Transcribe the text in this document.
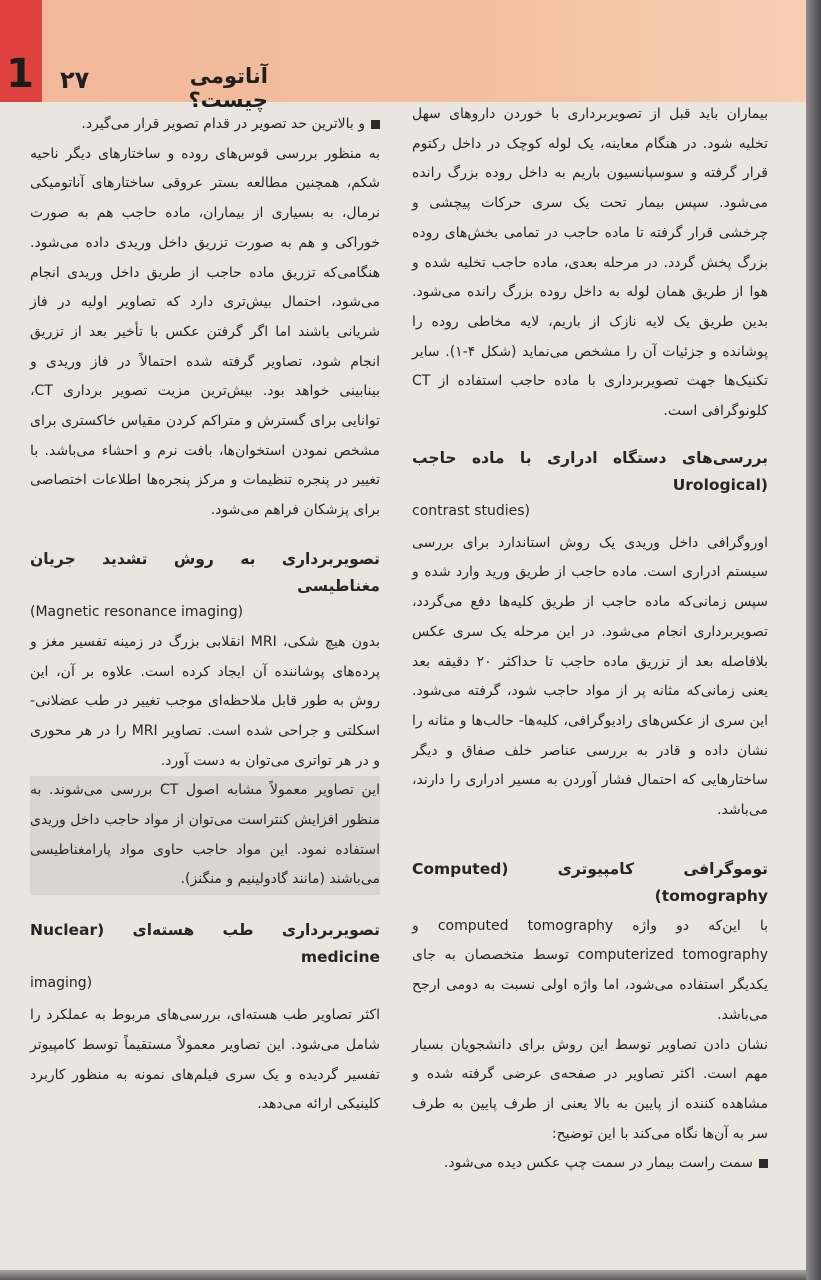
1 ۲۷	آناتومی چیست؟

بیماران باید قبل از تصویربرداری با خوردن داروهای سهل تخلیه شود. در هنگام معاینه، یک لوله کوچک در داخل رکتوم قرار گرفته و سوسپانسیون باریم به داخل روده بزرگ رانده می‌شود. سپس بیمار تحت یک سری حرکات پیچشی و چرخشی قرار گرفته تا ماده حاجب در تمامی بخش‌های روده بزرگ پخش گردد. در مرحله بعدی، ماده حاجب تخلیه شده و هوا از طریق همان لوله به داخل روده بزرگ رانده می‌شود. بدین طریق یک لایه نازک از باریم، لایه مخاطی روده را پوشانده و جزئیات آن را مشخص می‌نماید (شکل ۴-۱). سایر تکنیک‌ها جهت تصویربرداری با ماده حاجب استفاده از CT کلونوگرافی است.

بررسی‌های دستگاه ادراری با ماده حاجب (Urological

contrast studies)

اوروگرافی داخل وریدی یک روش استاندارد برای بررسی سیستم ادراری است. ماده حاجب از طریق ورید وارد شده و سپس زمانی‌که ماده حاجب از طریق کلیه‌ها دفع می‌گردد، تصویربرداری انجام می‌شود. در این مرحله یک سری عکس بلافاصله بعد از تزریق ماده حاجب تا حداکثر ۲۰ دقیقه بعد یعنی زمانی‌که مثانه پر از مواد حاجب شود، گرفته می‌شود. این سری از عکس‌های رادیوگرافی، کلیه‌ها- حالب‌ها و مثانه را نشان داده و قادر به بررسی عناصر خلف صفاق و دیگر ساختارهایی که احتمال فشار آوردن به مسیر ادراری را دارند، می‌باشد.

توموگرافی کامپیوتری (Computed tomography)

با این‌که دو واژه computed tomography و computerized tomography توسط متخصصان به جای یکدیگر استفاده می‌شود، اما واژه اولی نسبت به دومی ارجح می‌باشد.

نشان دادن تصاویر توسط این روش برای دانشجویان بسیار مهم است. اکثر تصاویر در صفحه‌ی عرضی گرفته شده و مشاهده کننده از پایین به بالا یعنی از طرف پایین به طرف سر به آن‌ها نگاه می‌کند با این توضیح:

سمت راست بیمار در سمت چپ عکس دیده می‌شود.

و بالاترین حد تصویر در قدام تصویر قرار می‌گیرد.

به منظور بررسی قوس‌های روده و ساختارهای دیگر ناحیه شکم، همچنین مطالعه بستر عروقی ساختارهای آناتومیکی نرمال، به بسیاری از بیماران، ماده حاجب هم به صورت خوراکی و هم به صورت تزریق داخل وریدی داده می‌شود. هنگامی‌که تزریق ماده حاجب از طریق داخل وریدی انجام می‌شود، احتمال بیش‌تری دارد که تصاویر اولیه در فاز شریانی باشند اما اگر گرفتن عکس با تأخیر بعد از تزریق انجام شود، تصاویر گرفته شده احتمالاً در فاز وریدی و بینابینی خواهد بود. بیش‌ترین مزیت تصویر برداری CT، توانایی برای گسترش و متراکم کردن مقیاس خاکستری برای مشخص نمودن استخوان‌ها، بافت نرم و احشاء می‌باشد. با تغییر در پنجره تنظیمات و مرکز پنجره‌ها اطلاعات اختصاصی برای پزشکان فراهم می‌شود.

تصویربرداری به روش تشدید جریان مغناطیسی

(Magnetic resonance imaging)

بدون هیچ شکی، MRI انقلابی بزرگ در زمینه تفسیر مغز و پرده‌های پوشاننده آن ایجاد کرده است. علاوه بر آن، این روش به طور قابل ملاحظه‌ای موجب تغییر در طب عضلانی- اسکلتی و جراحی شده است. تصاویر MRI را در هر محوری و در هر تواتری می‌توان به دست آورد.

این تصاویر معمولاً مشابه اصول CT بررسی می‌شوند. به منظور افزایش کنتراست می‌توان از مواد حاجب داخل وریدی استفاده نمود. این مواد حاجب حاوی مواد پارامغناطیسی می‌باشند (مانند گادولینیم و منگنز).

تصویربرداری طب هسته‌ای (Nuclear medicine

imaging)

اکثر تصاویر طب هسته‌ای، بررسی‌های مربوط به عملکرد را شامل می‌شود. این تصاویر معمولاً مستقیماً توسط کامپیوتر تفسیر گردیده و یک سری فیلم‌های نمونه به منظور کاربرد کلینیکی ارائه می‌دهد.
